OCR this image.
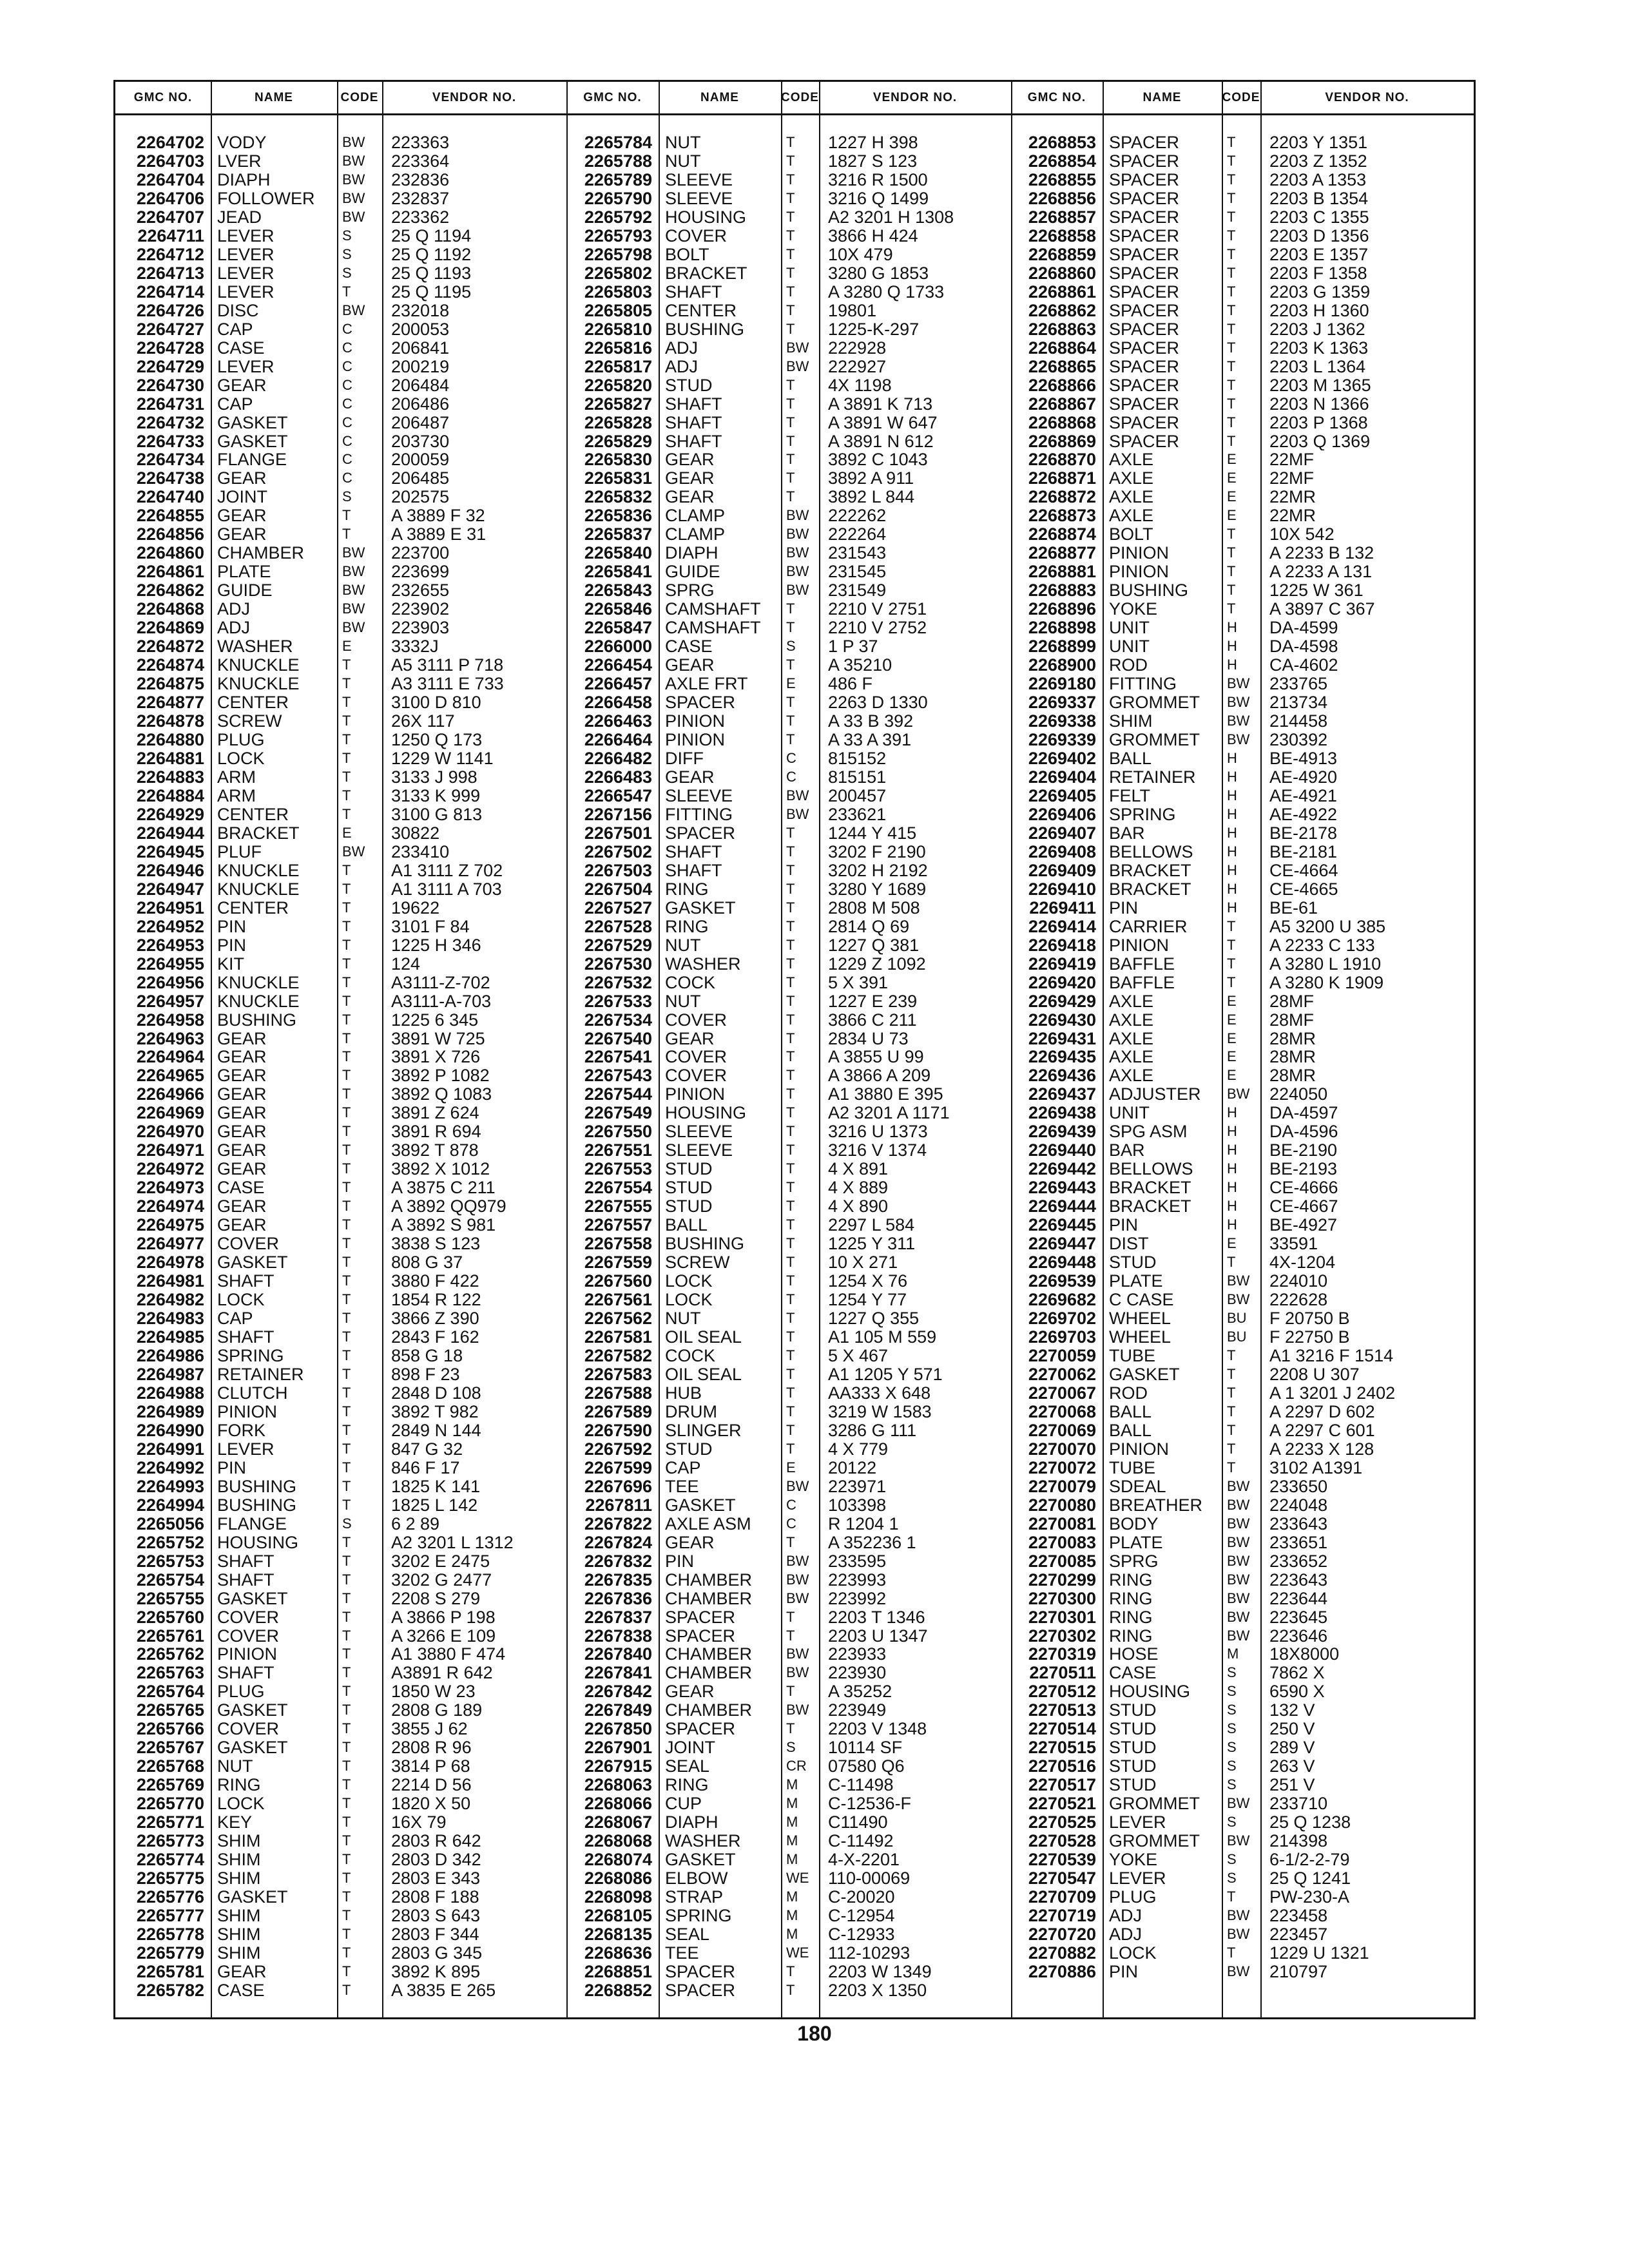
GMC NO.	NAME	CODE	VENDOR NO.	GMC NO.	NAME	CODE	VENDOR NO.	GMC NO.	NAME	CODE	VENDOR NO.
2264702 VODY	BW	223363	2265784 NUT	T	1227 H 398	2268853 SPACER	T	2203 Y 1351
2264703 LVER	BW	223364	2265788 NUT	T	1827 S 123	2268854 SPACER	T	2203 Z 1352
2264704 DIAPH	BW	232836	2265789 SLEEVE	T	3216 R 1500	2268855 SPACER	T	2203 A 1353
2264706 FOLLOWER	BW	232837	2265790 SLEEVE	T	3216 Q 1499	2268856 SPACER	T	2203 B 1354
2264707 JEAD	BW	223362	2265792 HOUSING	T	A2 3201 H 1308	2268857 SPACER	T	2203 C 1355
2264711 LEVER	S	25 Q 1194	2265793 COVER	T	3866 H 424	2268858 SPACER	T	2203 D 1356
2264712 LEVER	S	25 Q 1192	2265798 BOLT	T	10X 479	2268859 SPACER	T	2203 E 1357
2264713 LEVER	S	25 Q 1193	2265802 BRACKET	T	3280 G 1853	2268860 SPACER	T	2203 F 1358
2264714 LEVER	T	25 Q 1195	2265803 SHAFT	T	A 3280 Q 1733	2268861 SPACER	T	2203 G 1359
2264726 DISC	BW	232018	2265805 CENTER	T	19801	2268862 SPACER	T	2203 H 1360
2264727 CAP	C	200053	2265810 BUSHING	T	1225-K-297	2268863 SPACER	T	2203 J 1362
2264728 CASE	C	206841	2265816 ADJ	BW	222928	2268864 SPACER	T	2203 K 1363
2264729 LEVER	C	200219	2265817 ADJ	BW	222927	2268865 SPACER	T	2203 L 1364
2264730 GEAR	C	206484	2265820 STUD	T	4X 1198	2268866 SPACER	T	2203 M 1365
2264731 CAP	C	206486	2265827 SHAFT	T	A 3891 K 713	2268867 SPACER	T	2203 N 1366
2264732 GASKET	C	206487	2265828 SHAFT	T	A 3891 W 647	2268868 SPACER	T	2203 P 1368
2264733 GASKET	C	203730	2265829 SHAFT	T	A 3891 N 612	2268869 SPACER	T	2203 Q 1369
2264734 FLANGE	C	200059	2265830 GEAR	T	3892 C 1043	2268870 AXLE	E	22MF
2264738 GEAR	C	206485	2265831 GEAR	T	3892 A 911	2268871 AXLE	E	22MF
2264740 JOINT	S	202575	2265832 GEAR	T	3892 L 844	2268872 AXLE	E	22MR
2264855 GEAR	T	A 3889 F 32	2265836 CLAMP	BW	222262	2268873 AXLE	E	22MR
2264856 GEAR	T	A 3889 E 31	2265837 CLAMP	BW	222264	2268874 BOLT	T	10X 542
2264860 CHAMBER	BW	223700	2265840 DIAPH	BW	231543	2268877 PINION	T	A 2233 B 132
2264861 PLATE	BW	223699	2265841 GUIDE	BW	231545	2268881 PINION	T	A 2233 A 131
2264862 GUIDE	BW	232655	2265843 SPRG	BW	231549	2268883 BUSHING	T	1225 W 361
2264868 ADJ	BW	223902	2265846 CAMSHAFT	T	2210 V 2751	2268896 YOKE	T	A 3897 C 367
2264869 ADJ	BW	223903	2265847 CAMSHAFT	T	2210 V 2752	2268898 UNIT	H	DA-4599
2264872 WASHER	E	3332J	2266000 CASE	S	1 P 37	2268899 UNIT	H	DA-4598
2264874 KNUCKLE	T	A5 3111 P 718	2266454 GEAR	T	A 35210	2268900 ROD	H	CA-4602
2264875 KNUCKLE	T	A3 3111 E 733	2266457 AXLE FRT	E	486 F	2269180 FITTING	BW	233765
2264877 CENTER	T	3100 D 810	2266458 SPACER	T	2263 D 1330	2269337 GROMMET	BW	213734
2264878 SCREW	T	26X 117	2266463 PINION	T	A 33 B 392	2269338 SHIM	BW	214458
2264880 PLUG	T	1250 Q 173	2266464 PINION	T	A 33 A 391	2269339 GROMMET	BW	230392
2264881 LOCK	T	1229 W 1141	2266482 DIFF	C	815152	2269402 BALL	H	BE-4913
2264883 ARM	T	3133 J 998	2266483 GEAR	C	815151	2269404 RETAINER	H	AE-4920
2264884 ARM	T	3133 K 999	2266547 SLEEVE	BW	200457	2269405 FELT	H	AE-4921
2264929 CENTER	T	3100 G 813	2267156 FITTING	BW	233621	2269406 SPRING	H	AE-4922
2264944 BRACKET	E	30822	2267501 SPACER	T	1244 Y 415	2269407 BAR	H	BE-2178
2264945 PLUF	BW	233410	2267502 SHAFT	T	3202 F 2190	2269408 BELLOWS	H	BE-2181
2264946 KNUCKLE	T	A1 3111 Z 702	2267503 SHAFT	T	3202 H 2192	2269409 BRACKET	H	CE-4664
2264947 KNUCKLE	T	A1 3111 A 703	2267504 RING	T	3280 Y 1689	2269410 BRACKET	H	CE-4665
2264951 CENTER	T	19622	2267527 GASKET	T	2808 M 508	2269411 PIN	H	BE-61
2264952 PIN	T	3101 F 84	2267528 RING	T	2814 Q 69	2269414 CARRIER	T	A5 3200 U 385
2264953 PIN	T	1225 H 346	2267529 NUT	T	1227 Q 381	2269418 PINION	T	A 2233 C 133
2264955 KIT	T	124	2267530 WASHER	T	1229 Z 1092	2269419 BAFFLE	T	A 3280 L 1910
2264956 KNUCKLE	T	A3111-Z-702	2267532 COCK	T	5 X 391	2269420 BAFFLE	T	A 3280 K 1909
2264957 KNUCKLE	T	A3111-A-703	2267533 NUT	T	1227 E 239	2269429 AXLE	E	28MF
2264958 BUSHING	T	1225 6 345	2267534 COVER	T	3866 C 211	2269430 AXLE	E	28MF
2264963 GEAR	T	3891 W 725	2267540 GEAR	T	2834 U 73	2269431 AXLE	E	28MR
2264964 GEAR	T	3891 X 726	2267541 COVER	T	A 3855 U 99	2269435 AXLE	E	28MR
2264965 GEAR	T	3892 P 1082	2267543 COVER	T	A 3866 A 209	2269436 AXLE	E	28MR
2264966 GEAR	T	3892 Q 1083	2267544 PINION	T	A1 3880 E 395	2269437 ADJUSTER	BW	224050
2264969 GEAR	T	3891 Z 624	2267549 HOUSING	T	A2 3201 A 1171	2269438 UNIT	H	DA-4597
2264970 GEAR	T	3891 R 694	2267550 SLEEVE	T	3216 U 1373	2269439 SPG ASM	H	DA-4596
2264971 GEAR	T	3892 T 878	2267551 SLEEVE	T	3216 V 1374	2269440 BAR	H	BE-2190
2264972 GEAR	T	3892 X 1012	2267553 STUD	T	4 X 891	2269442 BELLOWS	H	BE-2193
2264973 CASE	T	A 3875 C 211	2267554 STUD	T	4 X 889	2269443 BRACKET	H	CE-4666
2264974 GEAR	T	A 3892 QQ979	2267555 STUD	T	4 X 890	2269444 BRACKET	H	CE-4667
2264975 GEAR	T	A 3892 S 981	2267557 BALL	T	2297 L 584	2269445 PIN	H	BE-4927
2264977 COVER	T	3838 S 123	2267558 BUSHING	T	1225 Y 311	2269447 DIST	E	33591
2264978 GASKET	T	808 G 37	2267559 SCREW	T	10 X 271	2269448 STUD	T	4X-1204
2264981 SHAFT	T	3880 F 422	2267560 LOCK	T	1254 X 76	2269539 PLATE	BW	224010
2264982 LOCK	T	1854 R 122	2267561 LOCK	T	1254 Y 77	2269682 C CASE	BW	222628
2264983 CAP	T	3866 Z 390	2267562 NUT	T	1227 Q 355	2269702 WHEEL	BU	F 20750 B
2264985 SHAFT	T	2843 F 162	2267581 OIL SEAL	T	A1 105 M 559	2269703 WHEEL	BU	F 22750 B
2264986 SPRING	T	858 G 18	2267582 COCK	T	5 X 467	2270059 TUBE	T	A1 3216 F 1514
2264987 RETAINER	T	898 F 23	2267583 OIL SEAL	T	A1 1205 Y 571	2270062 GASKET	T	2208 U 307
2264988 CLUTCH	T	2848 D 108	2267588 HUB	T	AA333 X 648	2270067 ROD	T	A 1 3201 J 2402
2264989 PINION	T	3892 T 982	2267589 DRUM	T	3219 W 1583	2270068 BALL	T	A 2297 D 602
2264990 FORK	T	2849 N 144	2267590 SLINGER	T	3286 G 111	2270069 BALL	T	A 2297 C 601
2264991 LEVER	T	847 G 32	2267592 STUD	T	4 X 779	2270070 PINION	T	A 2233 X 128
2264992 PIN	T	846 F 17	2267599 CAP	E	20122	2270072 TUBE	T	3102 A1391
2264993 BUSHING	T	1825 K 141	2267696 TEE	BW	223971	2270079 SDEAL	BW	233650
2264994 BUSHING	T	1825 L 142	2267811 GASKET	C	103398	2270080 BREATHER	BW	224048
2265056 FLANGE	S	6 2 89	2267822 AXLE ASM	C	R 1204 1	2270081 BODY	BW	233643
2265752 HOUSING	T	A2 3201 L 1312	2267824 GEAR	T	A 352236 1	2270083 PLATE	BW	233651
2265753 SHAFT	T	3202 E 2475	2267832 PIN	BW	233595	2270085 SPRG	BW	233652
2265754 SHAFT	T	3202 G 2477	2267835 CHAMBER	BW	223993	2270299 RING	BW	223643
2265755 GASKET	T	2208 S 279	2267836 CHAMBER	BW	223992	2270300 RING	BW	223644
2265760 COVER	T	A 3866 P 198	2267837 SPACER	T	2203 T 1346	2270301 RING	BW	223645
2265761 COVER	T	A 3266 E 109	2267838 SPACER	T	2203 U 1347	2270302 RING	BW	223646
2265762 PINION	T	A1 3880 F 474	2267840 CHAMBER	BW	223933	2270319 HOSE	M	18X8000
2265763 SHAFT	T	A3891 R 642	2267841 CHAMBER	BW	223930	2270511 CASE	S	7862 X
2265764 PLUG	T	1850 W 23	2267842 GEAR	T	A 35252	2270512 HOUSING	S	6590 X
2265765 GASKET	T	2808 G 189	2267849 CHAMBER	BW	223949	2270513 STUD	S	132 V
2265766 COVER	T	3855 J 62	2267850 SPACER	T	2203 V 1348	2270514 STUD	S	250 V
2265767 GASKET	T	2808 R 96	2267901 JOINT	S	10114 SF	2270515 STUD	S	289 V
2265768 NUT	T	3814 P 68	2267915 SEAL	CR	07580 Q6	2270516 STUD	S	263 V
2265769 RING	T	2214 D 56	2268063 RING	M	C-11498	2270517 STUD	S	251 V
2265770 LOCK	T	1820 X 50	2268066 CUP	M	C-12536-F	2270521 GROMMET	BW	233710
2265771 KEY	T	16X 79	2268067 DIAPH	M	C11490	2270525 LEVER	S	25 Q 1238
2265773 SHIM	T	2803 R 642	2268068 WASHER	M	C-11492	2270528 GROMMET	BW	214398
2265774 SHIM	T	2803 D 342	2268074 GASKET	M	4-X-2201	2270539 YOKE	S	6-1/2-2-79
2265775 SHIM	T	2803 E 343	2268086 ELBOW	WE	110-00069	2270547 LEVER	S	25 Q 1241
2265776 GASKET	T	2808 F 188	2268098 STRAP	M	C-20020	2270709 PLUG	T	PW-230-A
2265777 SHIM	T	2803 S 643	2268105 SPRING	M	C-12954	2270719 ADJ	BW	223458
2265778 SHIM	T	2803 F 344	2268135 SEAL	M	C-12933	2270720 ADJ	BW	223457
2265779 SHIM	T	2803 G 345	2268636 TEE	WE	112-10293	2270882 LOCK	T	1229 U 1321
2265781 GEAR	T	3892 K 895	2268851 SPACER	T	2203 W 1349	2270886 PIN	BW	210797
2265782 CASE	T	A 3835 E 265	2268852 SPACER	T	2203 X 1350
180
